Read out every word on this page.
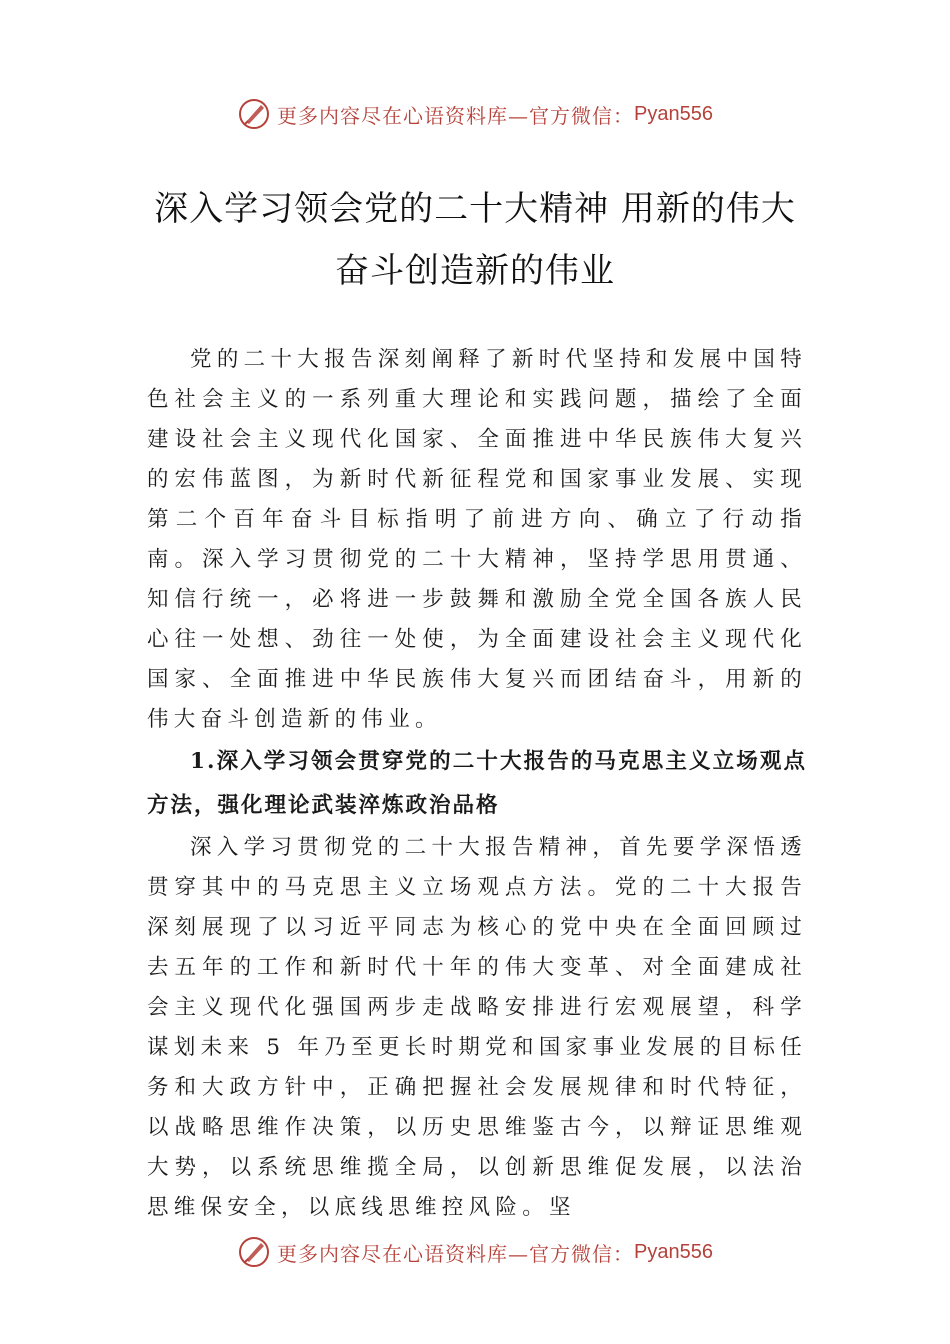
更多内容尽在心语资料库—官方微信： Pyan556
深入学习领会党的二十大精神 用新的伟大
奋斗创造新的伟业

党的二十大报告深刻阐释了新时代坚持和发展中国特色社会主义的一系列重大理论和实践问题，描绘了全面建设社会主义现代化国家、全面推进中华民族伟大复兴的宏伟蓝图，为新时代新征程党和国家事业发展、实现第二个百年奋斗目标指明了前进方向、确立了行动指南。深入学习贯彻党的二十大精神，坚持学思用贯通、知信行统一，必将进一步鼓舞和激励全党全国各族人民心往一处想、劲往一处使，为全面建设社会主义现代化国家、全面推进中华民族伟大复兴而团结奋斗，用新的伟大奋斗创造新的伟业。

1.深入学习领会贯穿党的二十大报告的马克思主义立场观点方法，强化理论武装淬炼政治品格

深入学习贯彻党的二十大报告精神，首先要学深悟透贯穿其中的马克思主义立场观点方法。党的二十大报告深刻展现了以习近平同志为核心的党中央在全面回顾过去五年的工作和新时代十年的伟大变革、对全面建成社会主义现代化强国两步走战略安排进行宏观展望，科学谋划未来 5 年乃至更长时期党和国家事业发展的目标任务和大政方针中，正确把握社会发展规律和时代特征，以战略思维作决策，以历史思维鉴古今，以辩证思维观大势，以系统思维揽全局，以创新思维促发展，以法治思维保安全，以底线思维控风险。坚

更多内容尽在心语资料库—官方微信： Pyan556
